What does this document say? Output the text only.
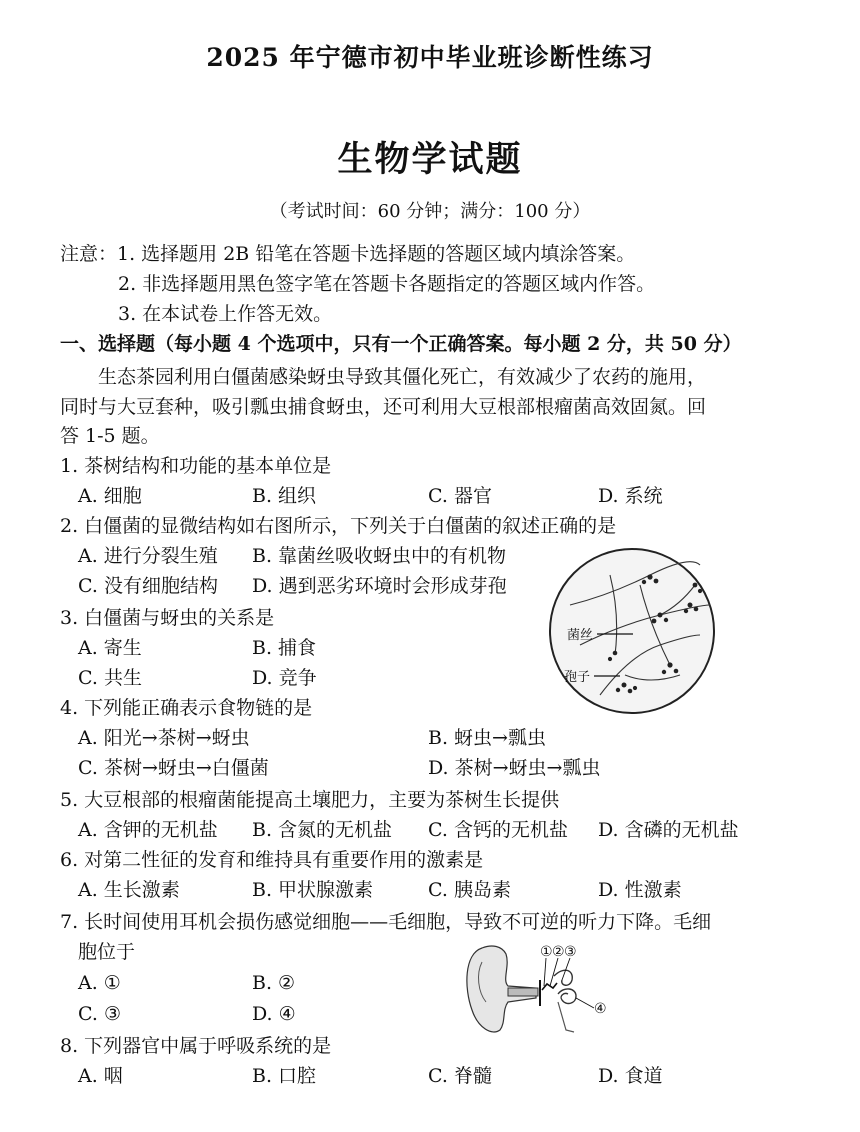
2025 年宁德市初中毕业班诊断性练习
生物学试题
（考试时间：60 分钟；满分：100 分）
注意：1. 选择题用 2B 铅笔在答题卡选择题的答题区域内填涂答案。
2. 非选择题用黑色签字笔在答题卡各题指定的答题区域内作答。
3. 在本试卷上作答无效。
一、选择题（每小题 4 个选项中，只有一个正确答案。每小题 2 分，共 50 分）
生态茶园利用白僵菌感染蚜虫导致其僵化死亡，有效减少了农药的施用，
同时与大豆套种，吸引瓢虫捕食蚜虫，还可利用大豆根部根瘤菌高效固氮。回
答 1-5 题。
1. 茶树结构和功能的基本单位是
A. 细胞	B. 组织	C. 器官	D. 系统
2. 白僵菌的显微结构如右图所示，下列关于白僵菌的叙述正确的是
A. 进行分裂生殖 B. 靠菌丝吸收蚜虫中的有机物
C. 没有细胞结构 D. 遇到恶劣环境时会形成芽孢
3. 白僵菌与蚜虫的关系是
A. 寄生	B. 捕食
C. 共生	D. 竞争
菌丝
孢子
4. 下列能正确表示食物链的是
A. 阳光→茶树→蚜虫	B. 蚜虫→瓢虫
C. 茶树→蚜虫→白僵菌	D. 茶树→蚜虫→瓢虫
5. 大豆根部的根瘤菌能提高土壤肥力，主要为茶树生长提供
A. 含钾的无机盐 B. 含氮的无机盐 C. 含钙的无机盐 D. 含磷的无机盐
6. 对第二性征的发育和维持具有重要作用的激素是
A. 生长激素	B. 甲状腺激素	C. 胰岛素	D. 性激素
7. 长时间使用耳机会损伤感觉细胞——毛细胞，导致不可逆的听力下降。毛细
胞位于
A. ①	B. ②
C. ③	D. ④
① ② ③
④
8. 下列器官中属于呼吸系统的是
A. 咽	B. 口腔	C. 脊髓	D. 食道
